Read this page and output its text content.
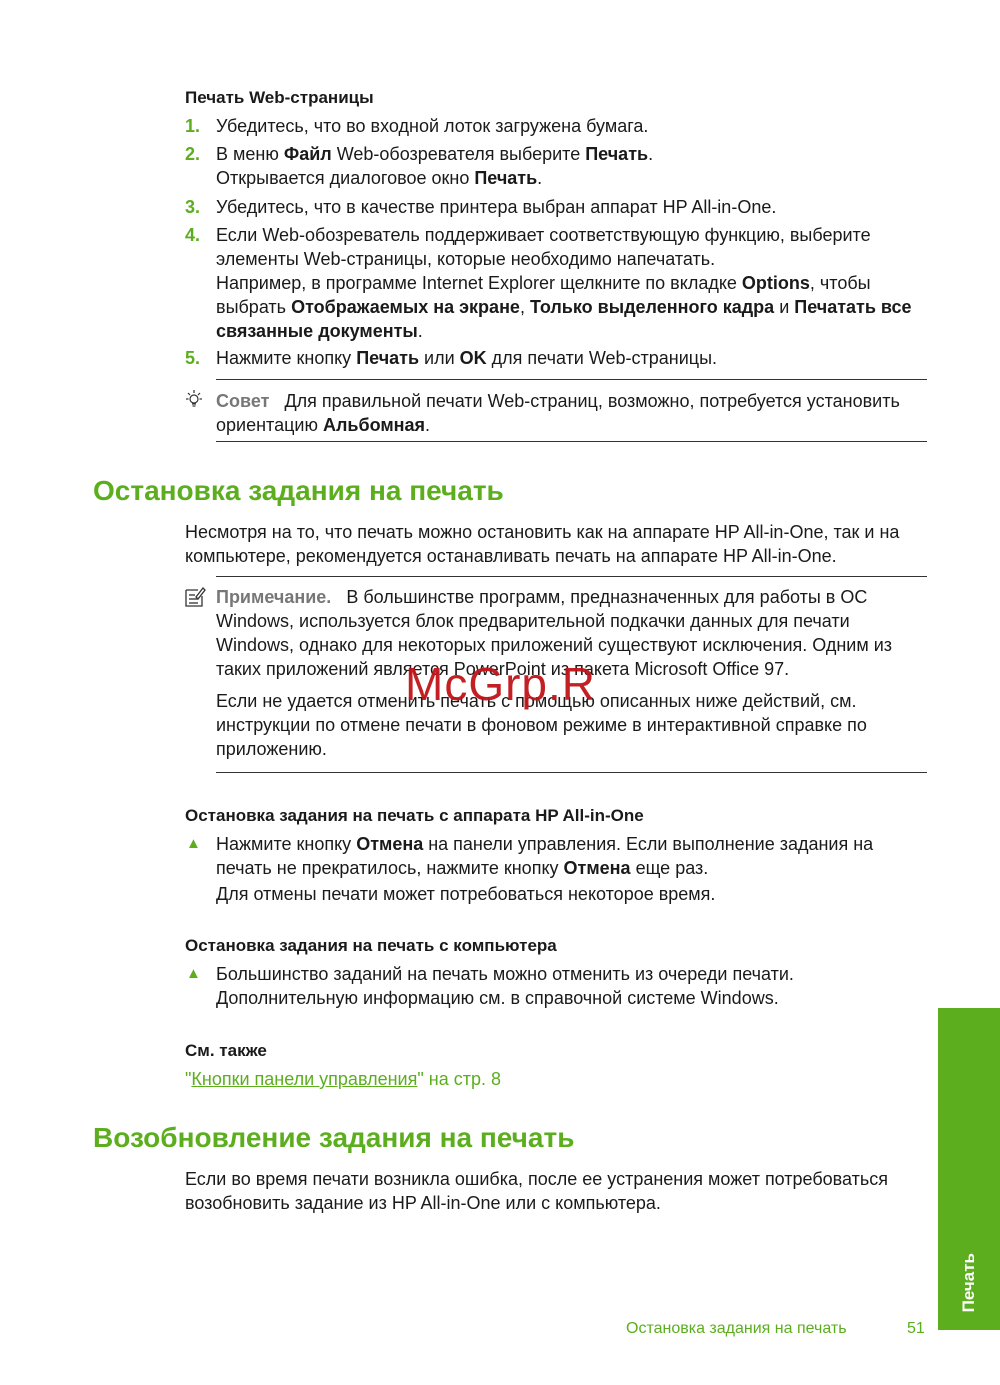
Печать Web-страницы
1. Убедитесь, что во входной лоток загружена бумага.

2. В меню Файл Web-обозревателя выберите Печать.

Открывается диалоговое окно Печать.

3. Убедитесь, что в качестве принтера выбран аппарат HP All-in-One.

4. Если Web-обозреватель поддерживает соответствующую функцию, выберите элементы Web-страницы, которые необходимо напечатать.

Например, в программе Internet Explorer щелкните по вкладке Options, чтобы выбрать Отображаемых на экране, Только выделенного кадра и Печатать все связанные документы.

5. Нажмите кнопку Печать или OK для печати Web-страницы.

Совет Для правильной печати Web-страниц, возможно, потребуется установить ориентацию Альбомная.

Остановка задания на печать
Несмотря на то, что печать можно остановить как на аппарате HP All-in-One, так и на компьютере, рекомендуется останавливать печать на аппарате HP All-in-One.

Примечание. В большинстве программ, предназначенных для работы в ОС Windows, используется блок предварительной подкачки данных для печати Windows, однако для некоторых приложений существуют исключения. Одним из таких приложений является PowerPoint из пакета Microsoft Office 97.

Если не удается отменить печать с помощью описанных ниже действий, см. инструкции по отмене печати в фоновом режиме в интерактивной справке по приложению.

McGrp.R
Остановка задания на печать с аппарата HP All-in-One
▲ Нажмите кнопку Отмена на панели управления. Если выполнение задания на печать не прекратилось, нажмите кнопку Отмена еще раз.

Для отмены печати может потребоваться некоторое время.

Остановка задания на печать с компьютера
▲ Большинство заданий на печать можно отменить из очереди печати. Дополнительную информацию см. в справочной системе Windows.

См. также
"Кнопки панели управления" на стр. 8
Возобновление задания на печать
Если во время печати возникла ошибка, после ее устранения может потребоваться возобновить задание из HP All-in-One или с компьютера.
Печать
Остановка задания на печать	51
